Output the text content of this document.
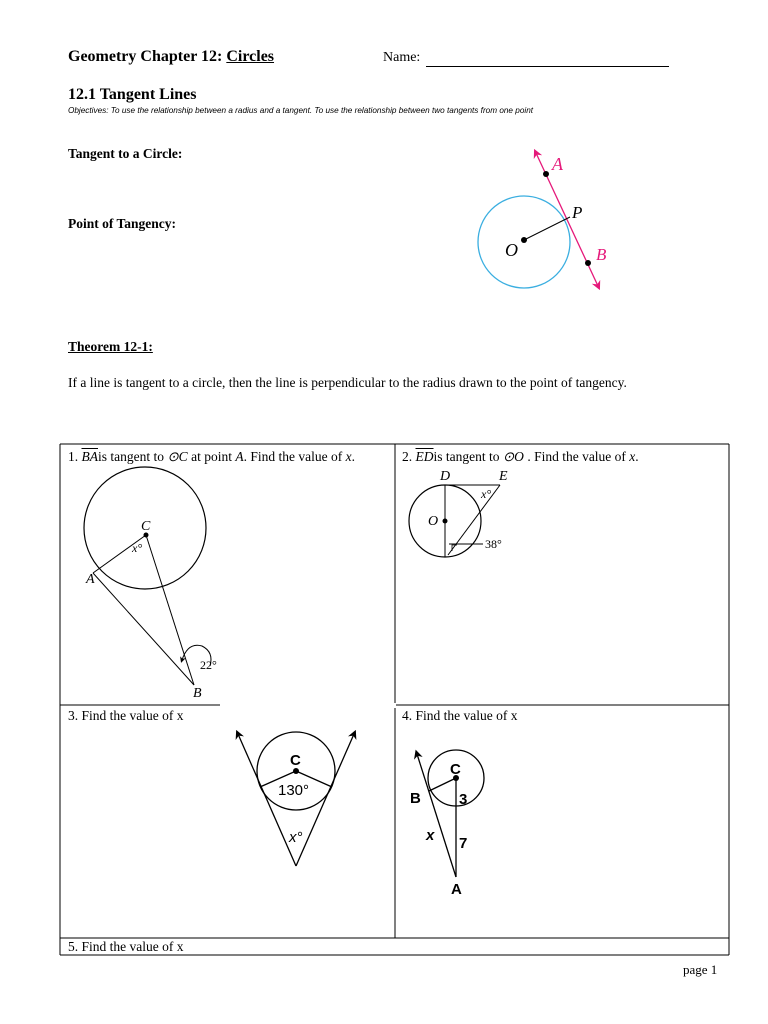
Geometry Chapter 12: Circles	Name:
12.1 Tangent Lines
Objectives: To use the relationship between a radius and a tangent. To use the relationship between two tangents from one point
Tangent to a Circle:
Point of Tangency:
A
P
B
O
Theorem 12-1:
If a line is tangent to a circle, then the line is perpendicular to the radius drawn to the point of tangency.
1. $\overline{BA}is$ tangent to ⊙C at point A. Find the value of x.
C
x°
A
22°
B
2. $\overline{ED}is$ tangent to ⊙O . Find the value of x.
D	E
x°
O
38°
3. Find the value of x
C
130°
x°
4. Find the value of x
C
B	3
x 7
A
5. Find the value of x
page 1
